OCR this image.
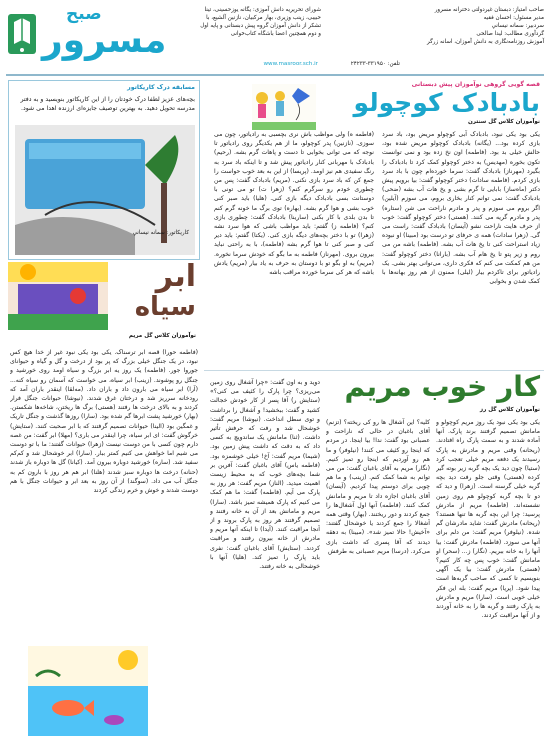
صبح
مسرور
شورای تحریریه دانش آموزی: یگانه یوزحسینی، تینا
حبیبی، زینب وزیری، بهار مرکبیان، نازنین آلشیع، با
تشکر از دانش آموزان گروه پیش دبستانی و پایه اول
و دوم همچنین اعضا باشگاه کتاب‌خوانی
www.masroor.sch.ir
صاحب امتیاز: دبستان غیردولتی دخترانه مسرور
مدیر مسئول: احسان فقیه
سردبیر: سمانه نیساني
گردآوری مطالب: لیدا صالحی
آموزش روزنامه‌نگاری به دانش آموزان، اسانه زرگر
تلفن: ۳۳۱۹۵۰-۲۴۲۳۳
قصه گویی گروهی نوآموزان پیش دبستانی
بادبادک کوچولو
نوآموزان کلاس گل سنترن
یکی بود یکی نبود، بادبادک آبی کوچولو مریض بود، باد سرد بازی کرده بود... (یگانه) بادبادک کوچولو مریض شده بود، حالش خیلی بد بود. (فاطمه) اون نخ زده بود و نمی توانست تکون بخوره (مهدیس) به دختر کوچولو کمک کرد تا بادبادک را بگیرد (مهرناز) بادبادک گفت: سرما خورده‌ام چون با باد سرد بازی کردم. (فاطمه سادات) دختر کوچولو گفت: بیا برویم پیش دکتر (ماه‌ساز) بابایی تا گرم بشی و یخ هات آب بشه (ضحی) بادبادک گفت: نمی توانم کنار بخاری بروم، می سوزم (آیلین) اگر بروم می سوزم و پدر و مادرم ناراحت می شن (ستاره) پدر و مادرم گریه می کنند. (هستی) دختر کوچولو گفت: خوب از حرف هایت ناراحت نشو (آیسان) بادبادک گفت: راست می گی. (زهرا سادات) همه ی حرفای تو درست بود (مبینا) او نبوده زیاد استراحت کنی تا یخ هات آب بشه. (فاطمه) باشه من می روم و زیر پتو تا یخ هام آب بشه. (بارانا) دختر کوچولو گفت: من هم کمکت می کنم که فکری داری، می‌توانی بهتر بشی. یک رادیاتور برای تاکردم بیار (لیلی) ممنون از هم روز بهانه‌ها با کمک شدن و بخوابی
(فاطمه ه) ولی مواظب باش نری بچسبی به رادیاتور، چون می سوزی. (نازنین) پدر کوچولو، ما از هم یکدیگر روی رادیاتور تا نوجه که می توانی بخوابی تا دست و پاهات گرم بشه. (رحیم) بادبادک با مهربانی کنار رادیاتور پیش شد و تا اینکه باد سرد به رنگ سفیدی هم نیز اومد. (پریسا) از این به بعد خوب حواست را جمع کن که باد سرد بازی نکنی. (مریم) بادبادک گفت: پس من چطوری خودم رو سرگرم کنم؟ (زهرا ت) تو می تونی با دوستانت بسی بادبادک دیگه بازی کنی. (هلیا) باید صبر کنی خوب بشی و هوا گرم بشه. (بهاره) توی برگ ما خونه گرم کنم تا بدن بلدی با کار بکنی (سارینا) بادبادک گفت: چطوری بازی کنم؟ (فاطمه ز) گفتم: باید مواظب باشی که هوا سرد نشه (زهرا) تو با دختر بچه‌های دیگه بازی کنی. (یکتا) گفتم: باید دیر کنی و صبر کنی تا هوا گرم بشه (فاطمه)، با به راحتی نباید بیرون بروی. (مهرناز) فاطمه به ما بگو که خودش سرما نخوره. (مریم) به او بگو تو با دوستان به حرف به یاد بیار (مریم) یادش باشه که هر کی سرما خورده مراقب باشه
مسابقه درک کاریکاتور
بچه‌های عزیز لطفا درک خودتان را از این کاریکاتور بنویسید و به دفتر مدرسه تحویل دهید. به بهترین توصیف جایزه‌ای ارزنده اهدا می شود.
کاریکاتور: سمانه نیساني
ابر
سیاه
نوآموزان کلاس گل مریم
(فاطمه حورا) قصه ابر ترسناک. یکی بود یکی نبود غیر از خدا هیچ کس نبود، در یک جنگل خیلی بزرگ که پر بود از درخت و گل و گیاه و حیوانای جوروا جور. (فاطمه) یک روز یه ابر بزرگ و سیاه اومد روی خورشید و جنگل رو پوشوند. (زینب) ابر سیاه، می خواست که آسمان رو سیاه کنه... (آرا) ابر سیاه می بارون داد و باران داد. (مه‌لقا) اینقدر باران آمد که رودخانه سرریز شد و درختان غرق شدند. (نیوشا) حیوانات جنگل فرار کردند و به بالای درخت ها رفتند (هستی) برگ ها ریختن، شاخه‌ها شکستن. (بهار) خورشید پشت ابرها گم شده بود. (سارا) روزها گذشت و جنگل تاریک و غمگین بود (الینا) حیوانات تصمیم گرفتند که با ابر صحبت کنند. (ستایش) خرگوش گفت: ای ابر سیاه، چرا اینقدر می باری؟ (مهلا) ابر گفت: من غصه دارم چون کسی با من دوست نیست (زهرا) حیوانات گفتند: ما با تو دوست می شیم اما خواهش می کنیم کمتر ببار. (سارا) ابر خوشحال شد و کم‌کم سفید شد. (ساره) خورشید دوباره بیرون آمد. (کیانا) گل ها دوباره باز شدند (حنانه) درخت ها دوباره سبز شدند (هلنا) ابر هم هر روز با بارون کم به جنگل آب می داد. (سوگند) از آن روز به بعد ابر و حیوانات جنگل با هم دوست شدند و خوش و خرم زندگی کردند
کار خوب مریم
نوآموزان کلاس گل رز
یکی بود یکی نبود یک روز مریم کوچولو و مامانش تصمیم گرفتند برند پارک. آنها آماده شدند و به سمت پارک راه افتادند. (ریحانه) وقتی مریم و مادرش به پارک رسیدند یک دفعه مریم خیلی تعجب کرد (ستیا) چون دید یک بچه گربه زیر بوته گیر کرده (هستی) وقتی جلو رفت دید بچه گربه خیلی گرسنه است. (زهرا) و دید که دو تا بچه گربه کوچولو هم روی زمین نشسته‌اند. (فاطمه) مریم از مادرش پرسید: چرا این بچه گربه ها تنها هستند؟ (ریحانه) مادرش گفت: شاید مادرشان گم شده. (نیلوفر) مریم گفت: من دلم برای آنها می سوزد. (فاطمه) مادرش گفت: بیا آنها را به خانه ببریم. (نگار) ز... (سحر) او مامانش گفت: خوب پس چه کار کنیم؟ (هستی) مادرش گفت: بیا یک آگهی بنویسیم تا کسی که صاحب گربه‌ها است پیدا شود. (پریا) مریم گفت: بله این فکر خیلی خوبی است. (سارا) مریم و مادرش به پارک رفتند و گربه ها را به خانه آوردند و از آنها مراقبت کردند.
کلیه؟ این آشغال ها رو کی ریخته؟ (تزنم) آقای باغبان در حالی که ناراحت و عصبانی بود گفت: ندا! بیا اینجا. در مردم که اینجا رو کثیف می کنند! (نیلوفر) و ما هم رو آوردیم که اینجا رو تمیز کنیم. (نگار) مریم به آقای باغبان گفت: من می توانم به شما کمک کنم. (زینب) و ما هم چوبی برای دوستم پیدا کردیم. (آیسان) آقای باغبان اجازه داد تا مریم و مامانش کمک کنند. (فاطمه) آنها اول آشغال‌ها را جمع کردند و دور ریختند. (بهار) وقتی همه آشغالا را جمع کردند یا خوشحال گفتند: «آخیش! حالا تمیز شد». (مبینا) به دهقه دیدند که آقا پسری که داشت بازی می‌کرد. (درسا) مریم عصبانی به طرفش
دوید و به اون گفت: «چرا آشغال روی زمین می‌ریزی؟ چرا پارک را کثیف می کنی؟» (ستایش ر) آقا پسر از کار خودش خجالت کشید و گفت: ببخشید! و آشغال را برداشت و توی سطل انداخت. (نیوشا) مریم گفت: خوشحال شد و رفت که حرفش تأثیر داشت. (ثنا) مامانش یک ساندویچ به کسی داد که به دقت که داشت پیش زمین بود. (شیما) مریم گفت: آخ! خیلی خوشمزه بود. (فاطمه یاس) آقای باغبان گفت: آفرین بر شما بچه‌های خوب که به محیط زیست اهمیت میدید. (الناز) مریم گفت: هر روز به پارک می آیم. (فاطمه) گفت: ما هم کمک می کنیم که پارک همیشه تمیز باشد. (سارا) مریم و مامانش بعد از آن به خانه رفتند و تصمیم گرفتند هر روز به پارک بروند و از آنجا مراقبت کنند. (آیدا) تا اینکه آنها مریم و مادرش از خانه بیرون رفتند و مراقبت کردند. (ستایش) آقای باغبان گفت: نفری باید پارک را تمیز کند. (هلیا) آنها با خوشحالی به خانه رفتند.
